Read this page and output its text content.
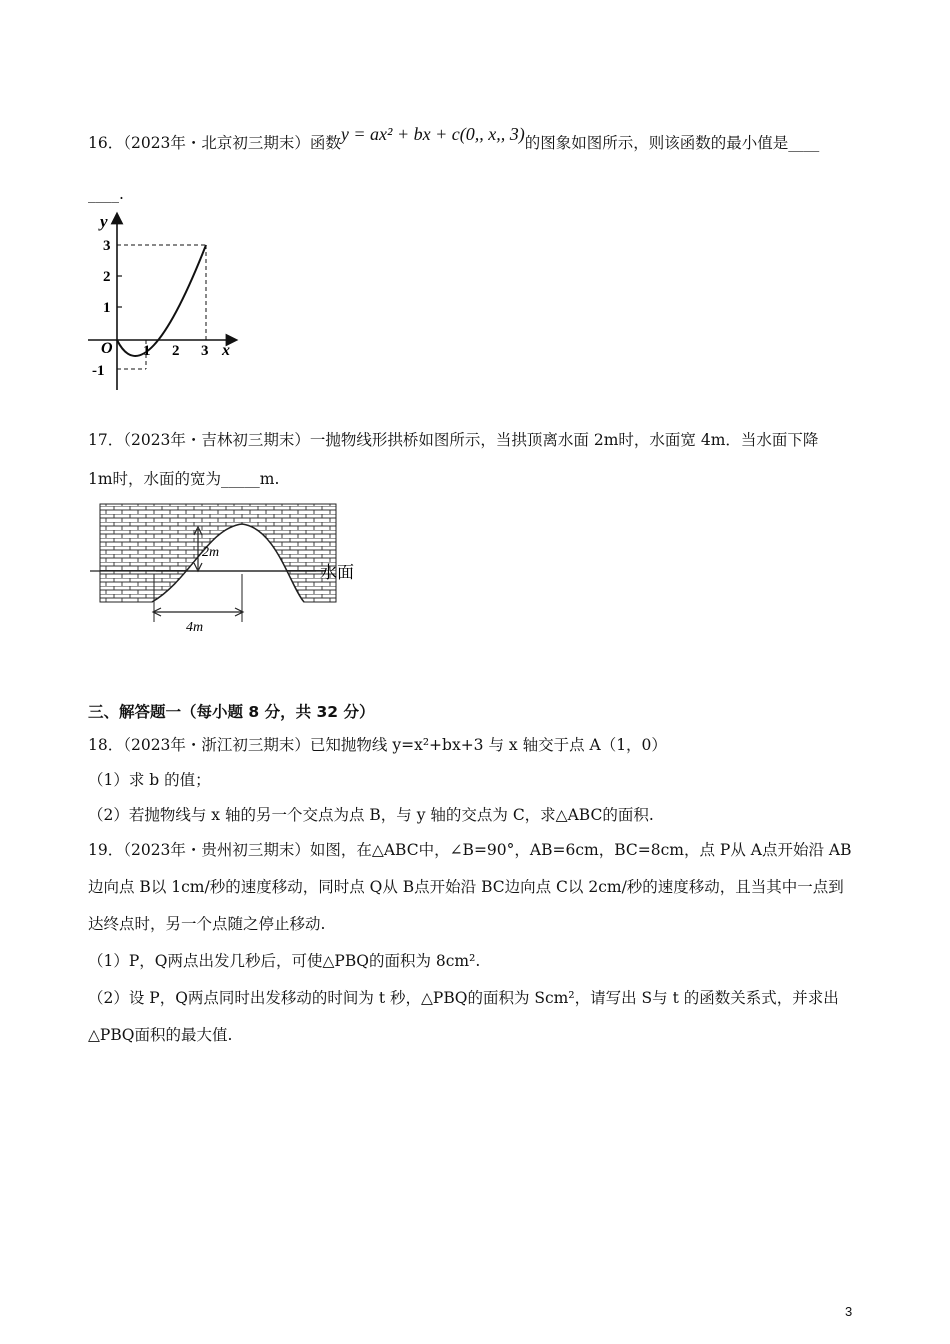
16．（2023年・北京初三期末）函数y = ax² + bx + c(0,, x,, 3)的图象如图所示，则该函数的最小值是____
____.
y
x
O
3
2
1
-1
1 2 3
17．（2023年・吉林初三期末）一抛物线形拱桥如图所示，当拱顶离水面 2m时，水面宽 4m．当水面下降
1m时，水面的宽为_____m.
2m
4m
水面
三、解答题一（每小题 8 分，共 32 分）
18．（2023年・浙江初三期末）已知抛物线 y=x²+bx+3 与 x 轴交于点 A（1，0）
（1）求 b 的值；
（2）若抛物线与 x 轴的另一个交点为点 B，与 y 轴的交点为 C，求△ABC的面积.
19．（2023年・贵州初三期末）如图，在△ABC中，∠B=90°，AB=6cm，BC=8cm，点 P从 A点开始沿 AB
边向点 B以 1cm/秒的速度移动，同时点 Q从 B点开始沿 BC边向点 C以 2cm/秒的速度移动，且当其中一点到
达终点时，另一个点随之停止移动.
（1）P，Q两点出发几秒后，可使△PBQ的面积为 8cm².
（2）设 P，Q两点同时出发移动的时间为 t 秒，△PBQ的面积为 Scm²，请写出 S与 t 的函数关系式，并求出
△PBQ面积的最大值.
3
